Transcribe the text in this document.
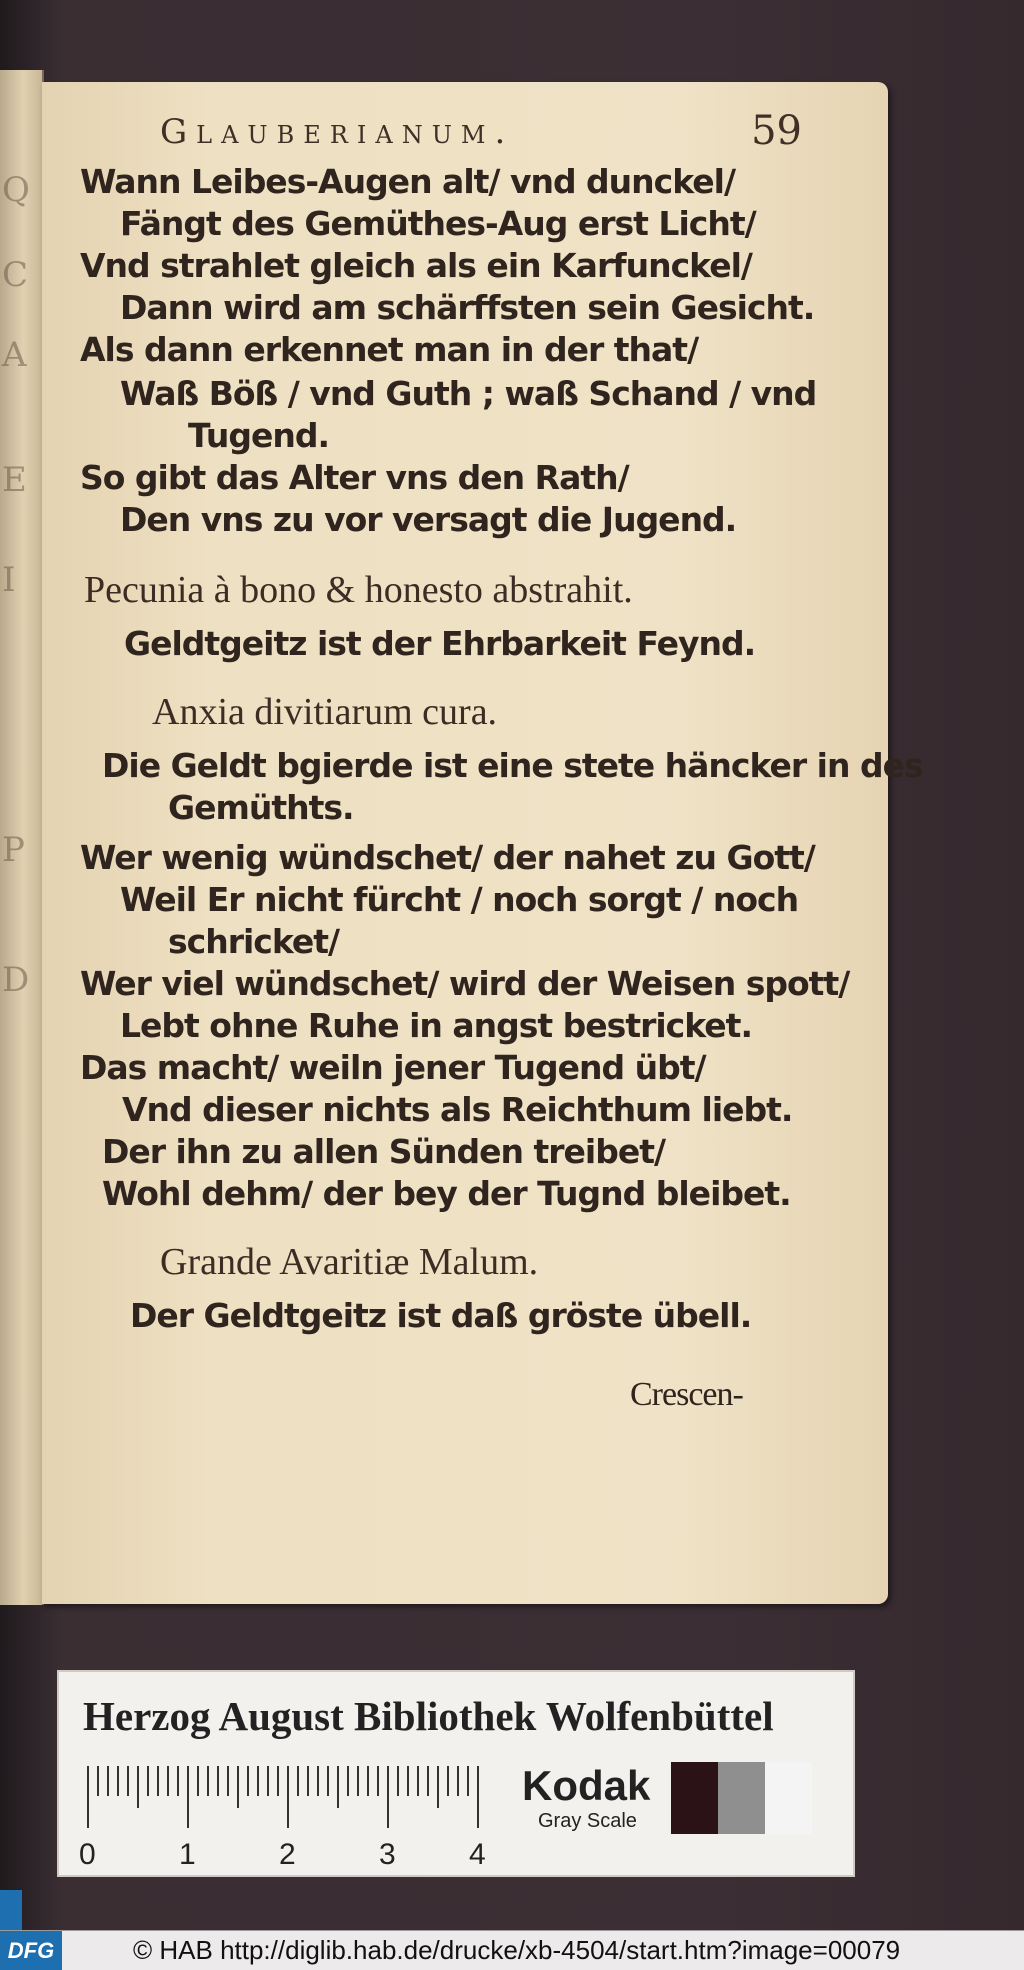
Q
C
A
E
I
P
D
Glauberianum.	59
Wann Leibes-Augen alt/ vnd dunckel/
Fängt des Gemüthes-Aug erst Licht/
Vnd strahlet gleich als ein Karfunckel/
Dann wird am schärffsten sein Gesicht.
Als dann erkennet man in der that/
Waß Böß / vnd Guth ; waß Schand / vnd
Tugend.
So gibt das Alter vns den Rath/
Den vns zu vor versagt die Jugend.
Pecunia à bono & honesto abstrahit.
Geldtgeitz ist der Ehrbarkeit Feynd.
Anxia divitiarum cura.
Die Geldt bgierde ist eine stete häncker in des
Gemüthts.
Wer wenig wündschet/ der nahet zu Gott/
Weil Er nicht fürcht / noch sorgt / noch
schricket/
Wer viel wündschet/ wird der Weisen spott/
Lebt ohne Ruhe in angst bestricket.
Das macht/ weiln jener Tugend übt/
Vnd dieser nichts als Reichthum liebt.
Der ihn zu allen Sünden treibet/
Wohl dehm/ der bey der Tugnd bleibet.
Grande Avaritiæ Malum.
Der Geldtgeitz ist daß gröste übell.
Crescen-
Herzog August Bibliothek Wolfenbüttel
0	1	2	3 4
Kodak
Gray Scale
DFG	© HAB http://diglib.hab.de/drucke/xb-4504/start.htm?image=00079
